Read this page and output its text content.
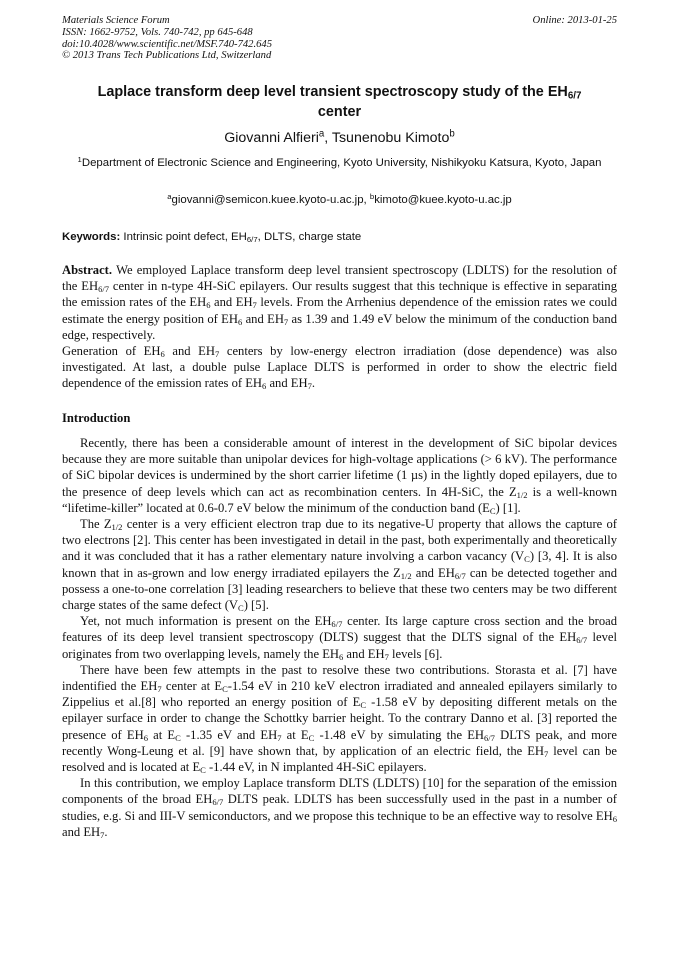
Materials Science Forum
ISSN: 1662-9752, Vols. 740-742, pp 645-648
doi:10.4028/www.scientific.net/MSF.740-742.645
© 2013 Trans Tech Publications Ltd, Switzerland
Online: 2013-01-25
Laplace transform deep level transient spectroscopy study of the $EH_{6/7}$
center
Giovanni Alfieri$^a$, Tsunenobu Kimoto$^b$
$^1$Department of Electronic Science and Engineering, Kyoto University, Nishikyoku Katsura, Kyoto, Japan
$^a$giovanni@semicon.kuee.kyoto-u.ac.jp, $^b$kimoto@kuee.kyoto-u.ac.jp
Keywords: Intrinsic point defect, $EH_{6/7}$, DLTS, charge state

Abstract. We employed Laplace transform deep level transient spectroscopy (LDLTS) for the resolution of the $EH_{6/7}$ center in n-type 4H-SiC epilayers. Our results suggest that this technique is effective in separating the emission rates of the $EH_6$ and $EH_7$ levels. From the Arrhenius dependence of the emission rates we could estimate the energy position of $EH_6$ and $EH_7$ as 1.39 and 1.49 eV below the minimum of the conduction band edge, respectively.

Generation of $EH_6$ and $EH_7$ centers by low-energy electron irradiation (dose dependence) was also investigated. At last, a double pulse Laplace DLTS is performed in order to show the electric field dependence of the emission rates of $EH_6$ and $EH_7$.

Introduction

Recently, there has been a considerable amount of interest in the development of SiC bipolar devices because they are more suitable than unipolar devices for high-voltage applications (> 6 kV). The performance of SiC bipolar devices is undermined by the short carrier lifetime (1 µs) in the lightly doped epilayers, due to the presence of deep levels which can act as recombination centers. In 4H-SiC, the $Z_{1/2}$ is a well-known “lifetime-killer” located at 0.6-0.7 eV below the minimum of the conduction band $(E_C)$ [1].

The $Z_{1/2}$ center is a very efficient electron trap due to its negative-U property that allows the capture of two electrons [2]. This center has been investigated in detail in the past, both experimentally and theoretically and it was concluded that it has a rather elementary nature involving a carbon vacancy $(V_C)$ [3, 4]. It is also known that in as-grown and low energy irradiated epilayers the $Z_{1/2}$ and $EH_{6/7}$ can be detected together and possess a one-to-one correlation [3] leading researchers to believe that these two centers may be two different charge states of the same defect $(V_C)$ [5].

Yet, not much information is present on the $EH_{6/7}$ center. Its large capture cross section and the broad features of its deep level transient spectroscopy (DLTS) suggest that the DLTS signal of the $EH_{6/7}$ level originates from two overlapping levels, namely the $EH_6$ and $EH_7$ levels [6].

There have been few attempts in the past to resolve these two contributions. Storasta et al. [7] have indentified the $EH_7$ center at $E_C-1.54$ eV in 210 keV electron irradiated and annealed epilayers similarly to Zippelius et al.[8] who reported an energy position of $E_C$ -1.58 eV by depositing different metals on the epilayer surface in order to change the Schottky barrier height. To the contrary Danno et al. [3] reported the presence of $EH_6$ at $E_C$ -1.35 eV and $EH_7$ at $E_C$ -1.48 eV by simulating the $EH_{6/7}$ DLTS peak, and more recently Wong-Leung et al. [9] have shown that, by application of an electric field, the $EH_7$ level can be resolved and is located at $E_C$ -1.44 eV, in N implanted 4H-SiC epilayers.

In this contribution, we employ Laplace transform DLTS (LDLTS) [10] for the separation of the emission components of the broad $EH_{6/7}$ DLTS peak. LDLTS has been successfully used in the past in a number of studies, e.g. Si and III-V semiconductors, and we propose this technique to be an effective way to resolve $EH_6$ and $EH_7$.
